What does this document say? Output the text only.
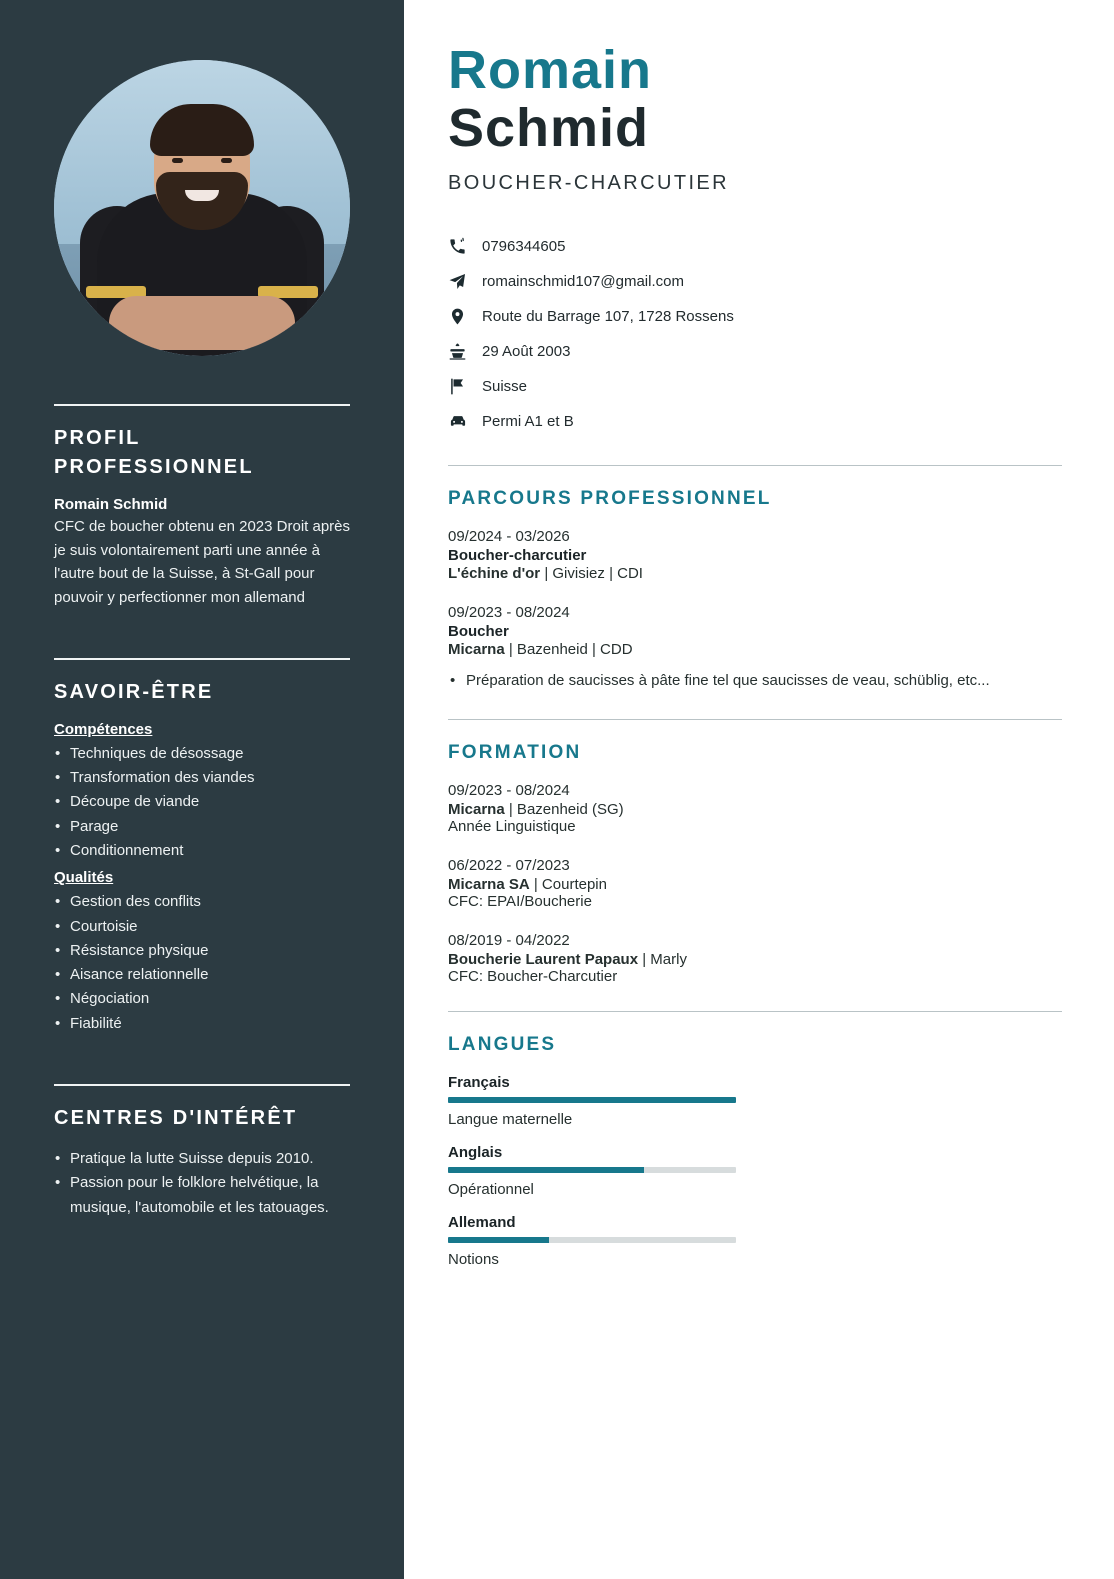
PROFIL
PROFESSIONNEL
Romain Schmid
CFC de boucher obtenu en 2023 Droit après je suis volontairement parti une année à l'autre bout de la Suisse, à St-Gall pour pouvoir y perfectionner mon allemand
SAVOIR-ÊTRE
Compétences
• Techniques de désossage
• Transformation des viandes
• Découpe de viande
• Parage
• Conditionnement
Qualités
• Gestion des conflits
• Courtoisie
• Résistance physique
• Aisance relationnelle
• Négociation
• Fiabilité
CENTRES D'INTÉRÊT
• Pratique la lutte Suisse depuis 2010.
• Passion pour le folklore helvétique, la musique, l'automobile et les tatouages.
Romain
Schmid
BOUCHER-CHARCUTIER
0796344605
romainschmid107@gmail.com
Route du Barrage 107, 1728 Rossens
29 Août 2003
Suisse
Permi A1 et B
PARCOURS PROFESSIONNEL
09/2024 - 03/2026
Boucher-charcutier
L'échine d'or | Givisiez | CDI
09/2023 - 08/2024
Boucher
Micarna | Bazenheid | CDD
• Préparation de saucisses à pâte fine tel que saucisses de veau, schüblig, etc...
FORMATION
09/2023 - 08/2024
Micarna | Bazenheid (SG)
Année Linguistique
06/2022 - 07/2023
Micarna SA | Courtepin
CFC: EPAI/Boucherie
08/2019 - 04/2022
Boucherie Laurent Papaux | Marly
CFC: Boucher-Charcutier
LANGUES
Français
Langue maternelle
Anglais
Opérationnel
Allemand
Notions
